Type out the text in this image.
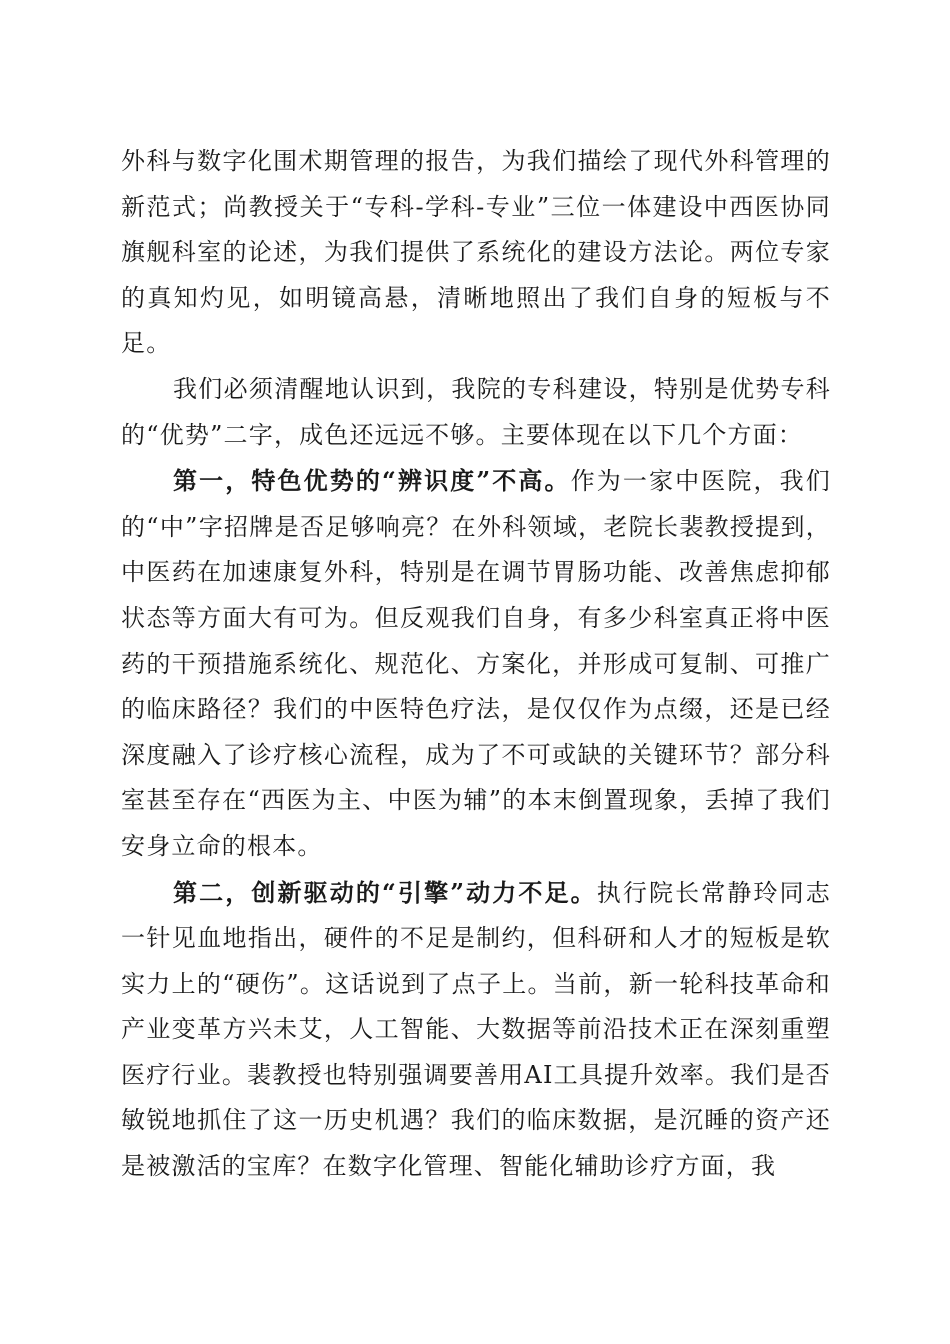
外科与数字化围术期管理的报告，为我们描绘了现代外科管理的新范式；尚教授关于“专科-学科-专业”三位一体建设中西医协同旗舰科室的论述，为我们提供了系统化的建设方法论。两位专家的真知灼见，如明镜高悬，清晰地照出了我们自身的短板与不足。

我们必须清醒地认识到，我院的专科建设，特别是优势专科的“优势”二字，成色还远远不够。主要体现在以下几个方面：

第一，特色优势的“辨识度”不高。作为一家中医院，我们的“中”字招牌是否足够响亮？在外科领域，老院长裴教授提到，中医药在加速康复外科，特别是在调节胃肠功能、改善焦虑抑郁状态等方面大有可为。但反观我们自身，有多少科室真正将中医药的干预措施系统化、规范化、方案化，并形成可复制、可推广的临床路径？我们的中医特色疗法，是仅仅作为点缀，还是已经深度融入了诊疗核心流程，成为了不可或缺的关键环节？部分科室甚至存在“西医为主、中医为辅”的本末倒置现象，丢掉了我们安身立命的根本。

第二，创新驱动的“引擎”动力不足。执行院长常静玲同志一针见血地指出，硬件的不足是制约，但科研和人才的短板是软实力上的“硬伤”。这话说到了点子上。当前，新一轮科技革命和产业变革方兴未艾，人工智能、大数据等前沿技术正在深刻重塑医疗行业。裴教授也特别强调要善用AI工具提升效率。我们是否敏锐地抓住了这一历史机遇？我们的临床数据，是沉睡的资产还是被激活的宝库？在数字化管理、智能化辅助诊疗方面，我
